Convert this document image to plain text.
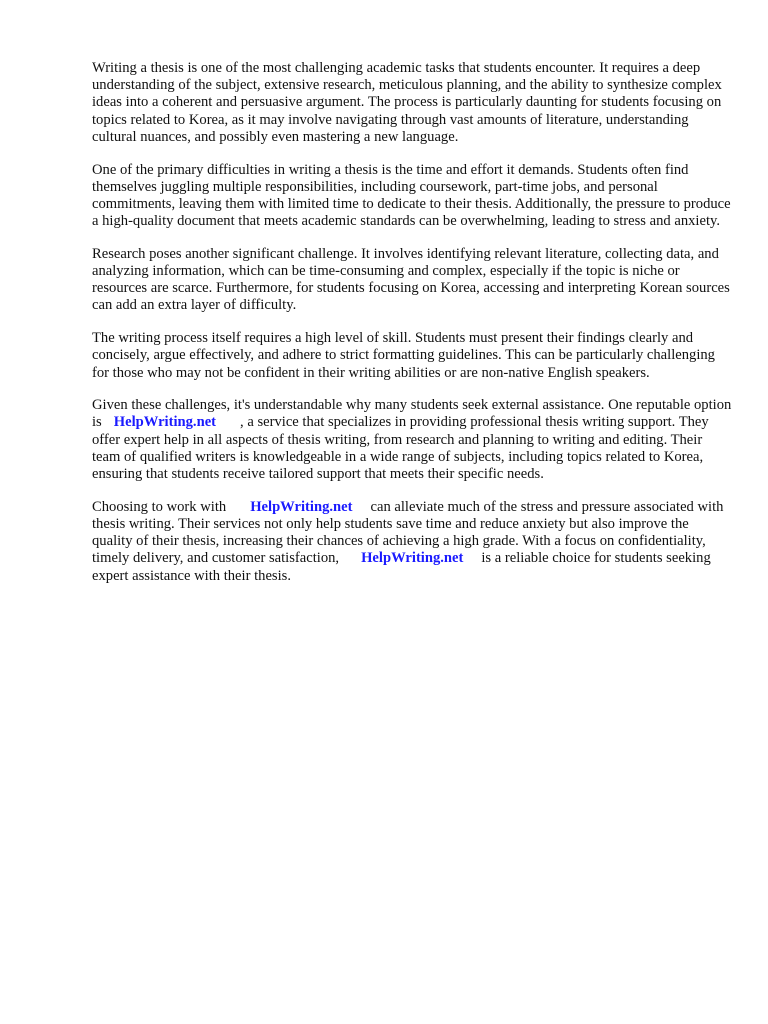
Writing a thesis is one of the most challenging academic tasks that students encounter. It requires a deep understanding of the subject, extensive research, meticulous planning, and the ability to synthesize complex ideas into a coherent and persuasive argument. The process is particularly daunting for students focusing on topics related to Korea, as it may involve navigating through vast amounts of literature, understanding cultural nuances, and possibly even mastering a new language.

One of the primary difficulties in writing a thesis is the time and effort it demands. Students often find themselves juggling multiple responsibilities, including coursework, part-time jobs, and personal commitments, leaving them with limited time to dedicate to their thesis. Additionally, the pressure to produce a high-quality document that meets academic standards can be overwhelming, leading to stress and anxiety.

Research poses another significant challenge. It involves identifying relevant literature, collecting data, and analyzing information, which can be time-consuming and complex, especially if the topic is niche or resources are scarce. Furthermore, for students focusing on Korea, accessing and interpreting Korean sources can add an extra layer of difficulty.

The writing process itself requires a high level of skill. Students must present their findings clearly and concisely, argue effectively, and adhere to strict formatting guidelines. This can be particularly challenging for those who may not be confident in their writing abilities or are non-native English speakers.

Given these challenges, it's understandable why many students seek external assistance. One reputable option is HelpWriting.net , a service that specializes in providing professional thesis writing support. They offer expert help in all aspects of thesis writing, from research and planning to writing and editing. Their team of qualified writers is knowledgeable in a wide range of subjects, including topics related to Korea, ensuring that students receive tailored support that meets their specific needs.

Choosing to work with HelpWriting.net can alleviate much of the stress and pressure associated with thesis writing. Their services not only help students save time and reduce anxiety but also improve the quality of their thesis, increasing their chances of achieving a high grade. With a focus on confidentiality, timely delivery, and customer satisfaction, HelpWriting.net is a reliable choice for students seeking expert assistance with their thesis.
